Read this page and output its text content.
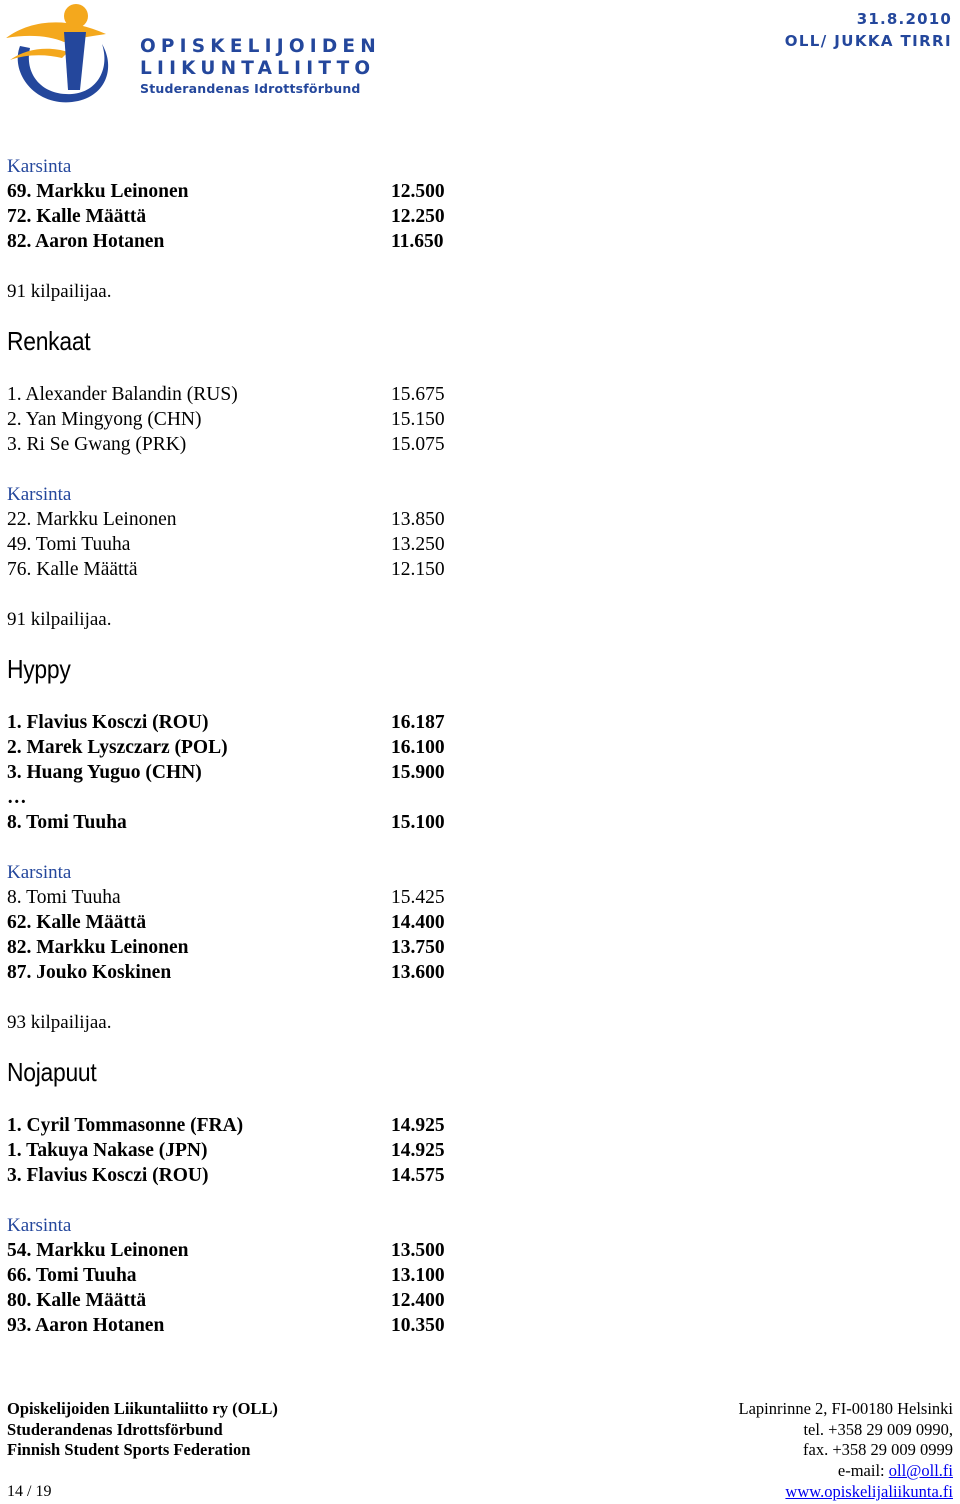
OPISKELIJOIDEN
LIIKUNTALIITTO
Studerandenas Idrottsförbund
31.8.2010
OLL/ JUKKA TIRRI
Karsinta
69. Markku Leinonen	12.500
72. Kalle Määttä	12.250
82. Aaron Hotanen	11.650
91 kilpailijaa.
Renkaat
1. Alexander Balandin (RUS)	15.675
2. Yan Mingyong (CHN)	15.150
3. Ri Se Gwang (PRK)	15.075
Karsinta
22. Markku Leinonen	13.850
49. Tomi Tuuha	13.250
76. Kalle Määttä	12.150
91 kilpailijaa.
Hyppy
1. Flavius Kosczi (ROU)	16.187
2. Marek Lyszczarz (POL)	16.100
3. Huang Yuguo (CHN)	15.900
…
8. Tomi Tuuha	15.100
Karsinta
8. Tomi Tuuha	15.425
62. Kalle Määttä	14.400
82. Markku Leinonen	13.750
87. Jouko Koskinen	13.600
93 kilpailijaa.
Nojapuut
1. Cyril Tommasonne (FRA)	14.925
1. Takuya Nakase (JPN)	14.925
3. Flavius Kosczi (ROU)	14.575
Karsinta
54. Markku Leinonen	13.500
66. Tomi Tuuha	13.100
80. Kalle Määttä	12.400
93. Aaron Hotanen	10.350
Opiskelijoiden Liikuntaliitto ry (OLL)
Studerandenas Idrottsförbund
Finnish Student Sports Federation
14 / 19
Lapinrinne 2, FI-00180 Helsinki
tel. +358 29 009 0990,
fax. +358 29 009 0999
e-mail: oll@oll.fi
www.opiskelijaliikunta.fi
